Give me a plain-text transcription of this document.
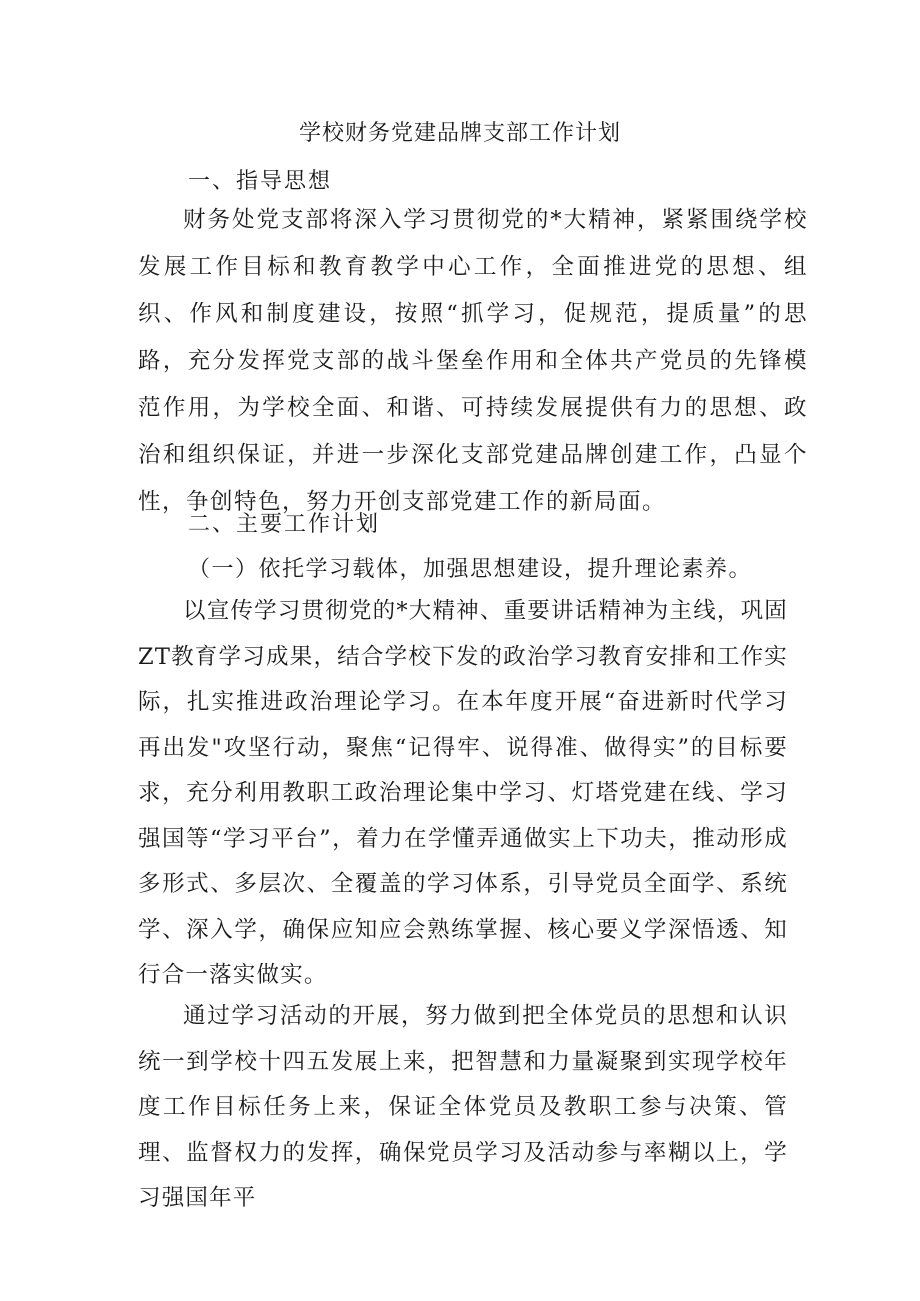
学校财务党建品牌支部工作计划
一、指导思想

财务处党支部将深入学习贯彻党的*大精神，紧紧围绕学校发展工作目标和教育教学中心工作，全面推进党的思想、组织、作风和制度建设，按照“抓学习，促规范，提质量”的思路，充分发挥党支部的战斗堡垒作用和全体共产党员的先锋模范作用，为学校全面、和谐、可持续发展提供有力的思想、政治和组织保证，并进一步深化支部党建品牌创建工作，凸显个性，争创特色，努力开创支部党建工作的新局面。

二、主要工作计划
（一）依托学习载体，加强思想建设，提升理论素养。

以宣传学习贯彻党的*大精神、重要讲话精神为主线，巩固ZT教育学习成果，结合学校下发的政治学习教育安排和工作实际，扎实推进政治理论学习。在本年度开展“奋进新时代学习再出发"攻坚行动，聚焦“记得牢、说得准、做得实”的目标要求，充分利用教职工政治理论集中学习、灯塔党建在线、学习强国等“学习平台”，着力在学懂弄通做实上下功夫，推动形成多形式、多层次、全覆盖的学习体系，引导党员全面学、系统学、深入学，确保应知应会熟练掌握、核心要义学深悟透、知行合一落实做实。

通过学习活动的开展，努力做到把全体党员的思想和认识统一到学校十四五发展上来，把智慧和力量凝聚到实现学校年度工作目标任务上来，保证全体党员及教职工参与决策、管理、监督权力的发挥，确保党员学习及活动参与率糊以上，学习强国年平
